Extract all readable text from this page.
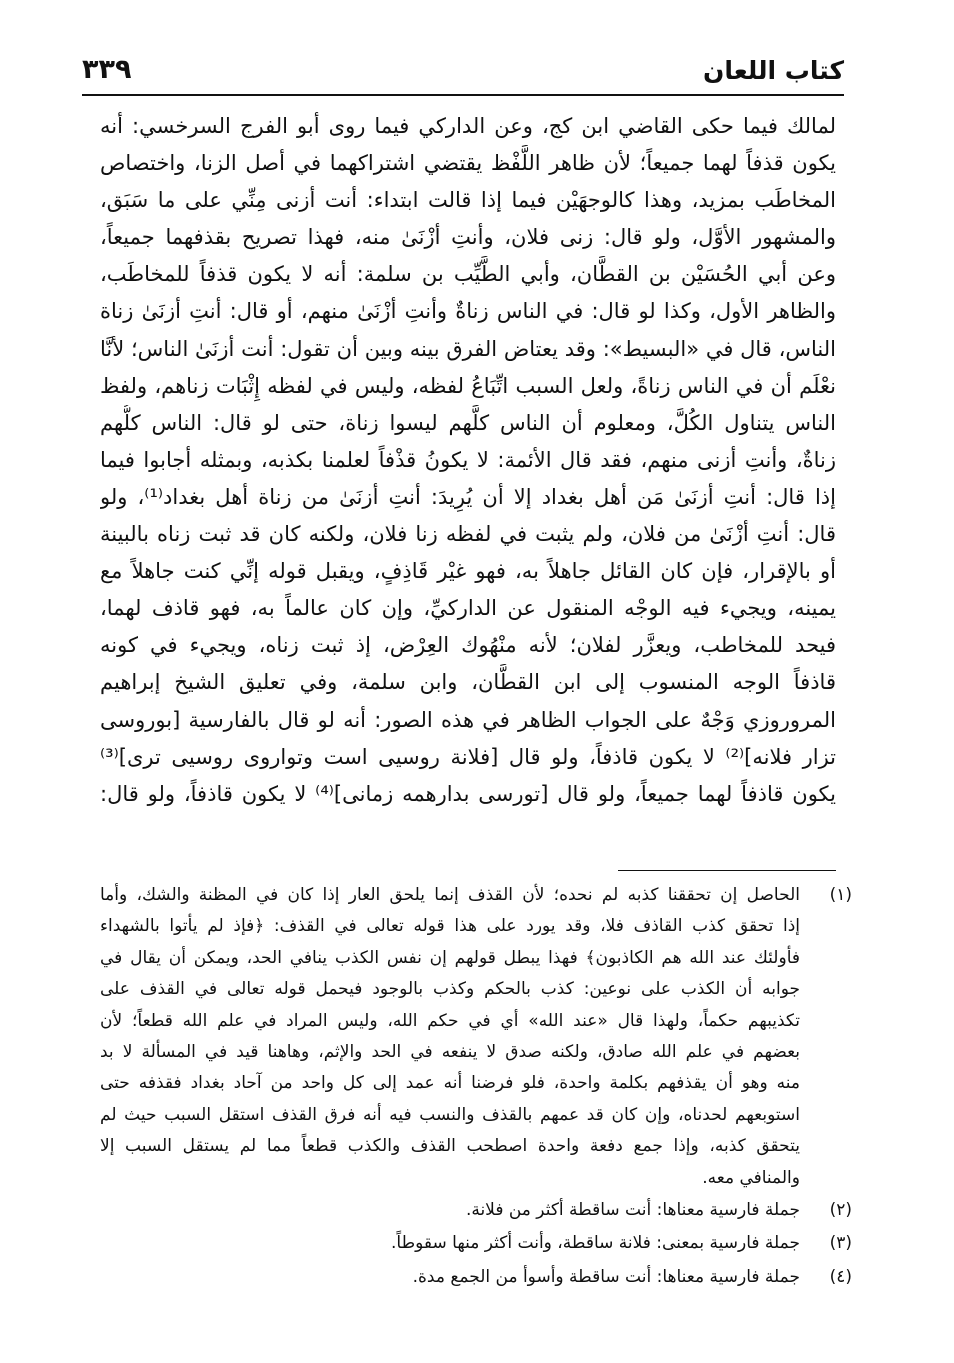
كتاب اللعان
٣٣٩
لمالك فيما حكى القاضي ابن كج، وعن الداركي فيما روى أبو الفرج السرخسي: أنه
يكون قذفاً لهما جميعاً؛ لأن ظاهر اللَّفْظ يقتضي اشتراكهما في أصل الزنا، واختصاص
المخاطَب بمزيد، وهذا كالوجهَيْن فيما إذا قالت ابتداء: أنت أزنى مِنِّي على ما سَبَق،
والمشهور الأوَّل، ولو قال: زنى فلان، وأنتِ أزْنَىٰ منه، فهذا تصريح بقذفهما جميعاً،
وعن أبي الحُسَيْن بن القطَّان، وأبي الطَّيِّب بن سلمة: أنه لا يكون قذفاً للمخاطَب،
والظاهر الأول، وكذا لو قال: في الناس زناةٌ وأنتِ أزْنَىٰ منهم، أو قال: أنتِ أزنَىٰ زناة
الناس، قال في «البسيط»: وقد يعتاض الفرق بينه وبين أن تقول: أنت أزنَىٰ الناس؛ لأنَّا
نعْلَم أن في الناس زناةً، ولعل السبب اتِّبَاعُ لفظه، وليس في لفظه إِثْبَات زناهم، ولفظ
الناس يتناول الكُلَّ، ومعلوم أن الناس كلَّهم ليسوا زناة، حتى لو قال: الناس كلُّهم
زناةٌ، وأنتِ أزنى منهم، فقد قال الأئمة: لا يكونُ قذْفاً لعلمنا بكذبه، وبمثله أجابوا فيما
إذا قال: أنتِ أزنَىٰ مَن أهل بغداد إلا أن يُرِيدَ: أنتِ أزنَىٰ من زناة أهل بغداد⁽¹⁾، ولو
قال: أنتِ أزْنَىٰ من فلان، ولم يثبت في لفظه زنا فلان، ولكنه كان قد ثبت زناه بالبينة
أو بالإقرار، فإن كان القائل جاهلاً به، فهو غيْر قَاذِفٍ، ويقبل قوله إنِّي كنت جاهلاً مع
يمينه، ويجيء فيه الوجْه المنقول عن الداركيِّ، وإن كان عالماً به، فهو قاذف لهما،
فيحد للمخاطب، ويعزَّر لفلان؛ لأنه منْهُوك العِرْض، إذ ثبت زناه، ويجيء في كونه
قاذفاً الوجه المنسوب إلى ابن القطَّان، وابن سلمة، وفي تعليق الشيخ إبراهيم
المروروزي وَجْهٌ على الجواب الظاهر في هذه الصور: أنه لو قال بالفارسية [بوروسى
تزار فلانه]⁽²⁾ لا يكون قاذفاً، ولو قال [فلانة روسيى است وتواروى روسيى ترى]⁽³⁾
يكون قاذفاً لهما جميعاً، ولو قال [تورسى بدارهمه زمانى]⁽⁴⁾ لا يكون قاذفاً، ولو قال:
(١)
الحاصل إن تحققنا كذبه لم نحده؛ لأن القذف إنما يلحق العار إذا كان في المظنة والشك، وأما
إذا تحقق كذب القاذف فلا، وقد يورد على هذا قوله تعالى في القذف: ﴿فإذ لم يأتوا بالشهداء
فأولئك عند الله هم الكاذبون﴾ فهذا يبطل قولهم إن نفس الكذب ينافي الحد، ويمكن أن يقال في
جوابه أن الكذب على نوعين: كذب بالحكم وكذب بالوجود فيحمل قوله تعالى في القذف على
تكذيبهم حكماً، ولهذا قال «عند الله» أي في حكم الله، وليس المراد في علم الله قطعاً؛ لأن
بعضهم في علم الله صادق، ولكنه صدق لا ينفعه في الحد والإثم، وهاهنا قيد في المسألة لا بد
منه وهو أن يقذفهم بكلمة واحدة، فلو فرضنا أنه عمد إلى كل واحد من آحاد بغداد فقذفه حتى
استوبعهم لحدناه، وإن كان قد عمهم بالقذف والنسب فيه أنه فرق القذف استقل السبب حيث لم
يتحقق كذبه، وإذا جمع دفعة واحدة اصطحب القذف والكذب قطعاً مما لم يستقل السبب إلا
والمنافي معه.
(٢)
جملة فارسية معناها: أنت ساقطة أكثر من فلانة.
(٣)
جملة فارسية بمعنى: فلانة ساقطة، وأنت أكثر منها سقوطاً.
(٤)
جملة فارسية معناها: أنت ساقطة وأسوأ من الجمع مدة.
